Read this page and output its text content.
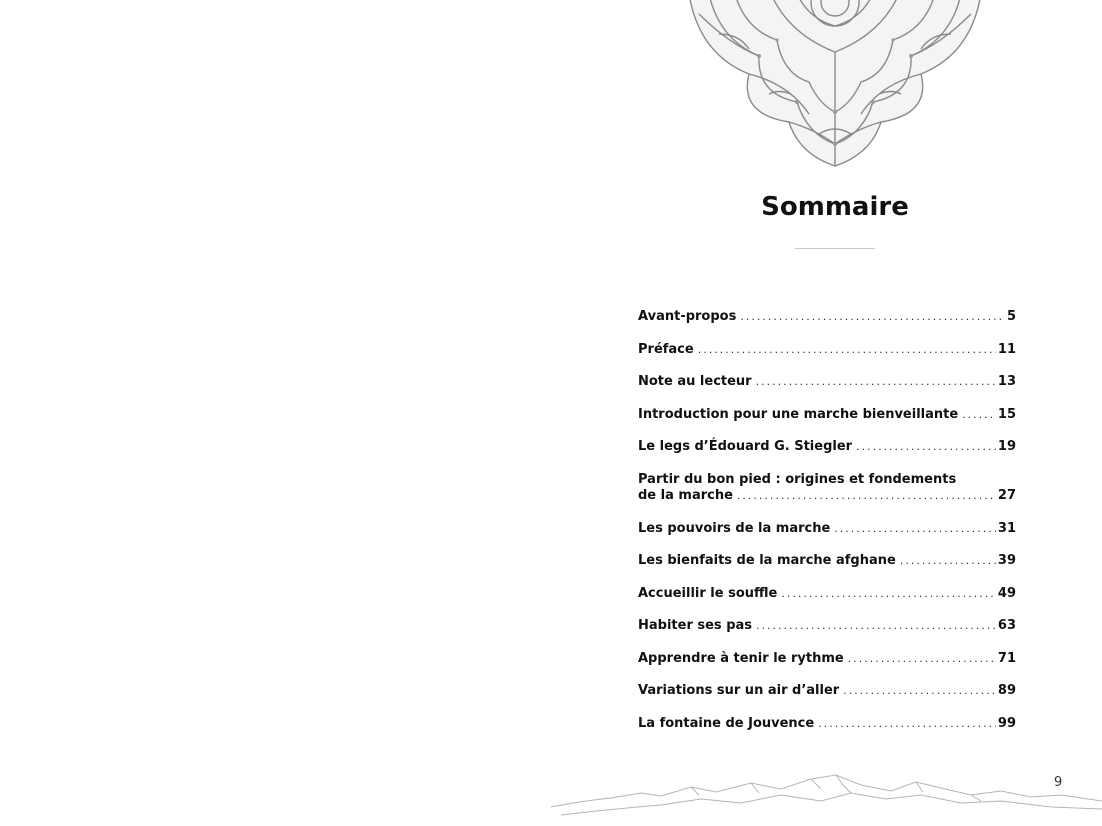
Sommaire
Avant-propos .....	5
Préface .....	11
Note au lecteur .....	13
Introduction pour une marche bienveillante .....	15
Le legs d’Édouard G. Stiegler .....	19
Partir du bon pied : origines et fondements
de la marche .....	27
Les pouvoirs de la marche .....	31
Les bienfaits de la marche afghane .....	39
Accueillir le souffle .....	49
Habiter ses pas .....	63
Apprendre à tenir le rythme .....	71
Variations sur un air d’aller .....	89
La fontaine de Jouvence .....	99
9
